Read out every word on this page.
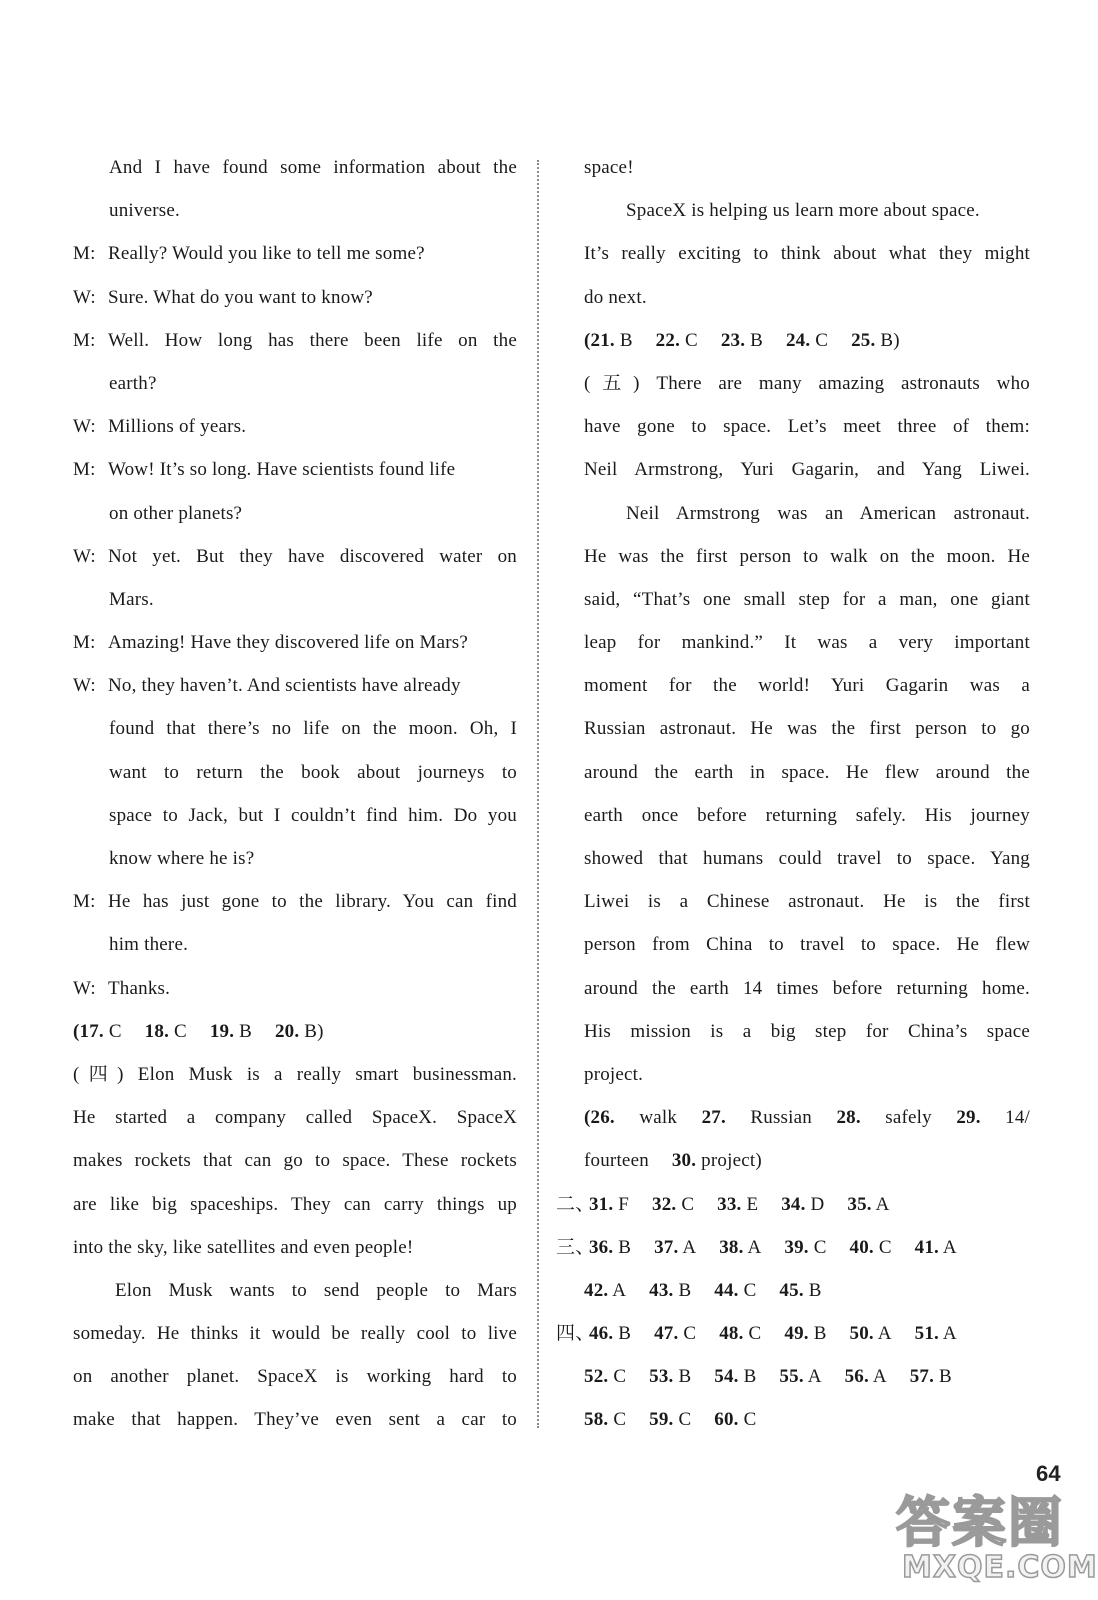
And I have found some information about the
universe.
M: Really? Would you like to tell me some?
W: Sure. What do you want to know?
M: Well. How long has there been life on the
earth?
W: Millions of years.
M: Wow! It’s so long. Have scientists found life
on other planets?
W: Not yet. But they have discovered water on
Mars.
M: Amazing! Have they discovered life on Mars?
W: No, they haven’t. And scientists have already
found that there’s no life on the moon. Oh, I
want to return the book about journeys to
space to Jack, but I couldn’t find him. Do you
know where he is?
M: He has just gone to the library. You can find
him there.
W: Thanks.
(17. C 18. C 19. B 20. B)
(四) Elon Musk is a really smart businessman.
He started a company called SpaceX. SpaceX
makes rockets that can go to space. These rockets
are like big spaceships. They can carry things up
into the sky, like satellites and even people!
Elon Musk wants to send people to Mars
someday. He thinks it would be really cool to live
on another planet. SpaceX is working hard to
make that happen. They’ve even sent a car to
space!
SpaceX is helping us learn more about space.
It’s really exciting to think about what they might
do next.
(21. B 22. C 23. B 24. C 25. B)
(五) There are many amazing astronauts who
have gone to space. Let’s meet three of them:
Neil Armstrong, Yuri Gagarin, and Yang Liwei.
Neil Armstrong was an American astronaut.
He was the first person to walk on the moon. He
said, “That’s one small step for a man, one giant
leap for mankind.” It was a very important
moment for the world! Yuri Gagarin was a
Russian astronaut. He was the first person to go
around the earth in space. He flew around the
earth once before returning safely. His journey
showed that humans could travel to space. Yang
Liwei is a Chinese astronaut. He is the first
person from China to travel to space. He flew
around the earth 14 times before returning home.
His mission is a big step for China’s space
project.
(26. walk 27. Russian 28. safely 29. 14/
fourteen 30. project)
二、 31. F 32. C 33. E 34. D 35. A
三、 36. B 37. A 38. A 39. C 40. C 41. A
42. A 43. B 44. C 45. B
四、 46. B 47. C 48. C 49. B 50. A 51. A
52. C 53. B 54. B 55. A 56. A 57. B
58. C 59. C 60. C
答案圈
MXQE.COM
64
